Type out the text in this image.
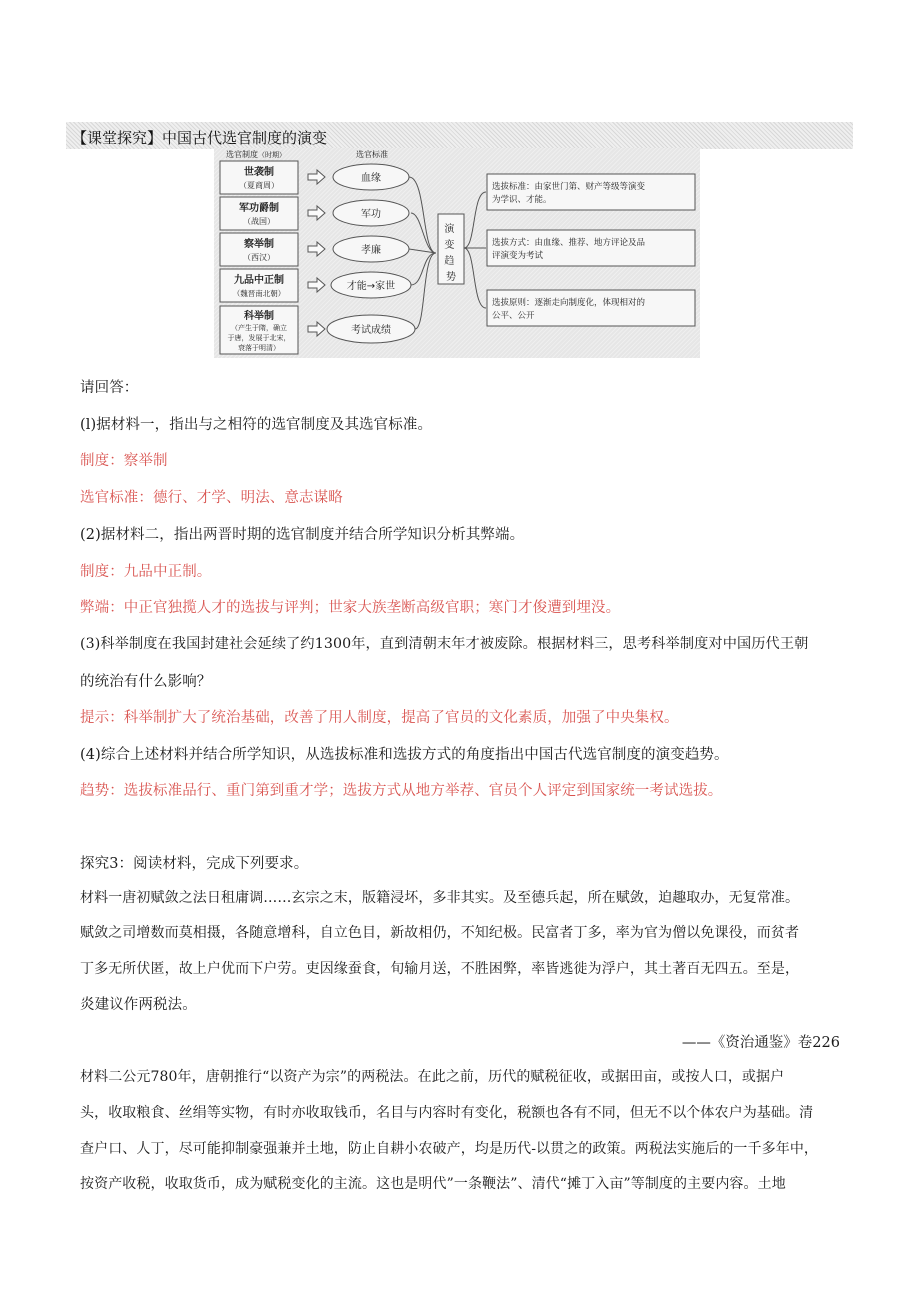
【课堂探究】中国古代选官制度的演变
选官制度（时期）	选官标准
世袭制
（夏商周）
军功爵制
（战国）
察举制
（西汉）
九品中正制
（魏晋南北朝）
科举制
（产生于隋，确立
于唐，发展于北宋，
衰落于明清）
血缘
军功
孝廉
才能→家世
考试成绩
演 变 趋 势
选拔标准：由家世门第、财产等级等演变
为学识、才能。
选拔方式：由血缘、推荐、地方评论及品
评演变为考试
选拔原则：逐渐走向制度化，体现相对的
公平、公开
请回答：
(l)据材料一，指出与之相符的选官制度及其选官标准。
制度：察举制
选官标准：德行、才学、明法、意志谋略
(2)据材料二，指出两晋时期的选官制度并结合所学知识分析其弊端。
制度：九品中正制。
弊端：中正官独揽人才的选拔与评判；世家大族垄断高级官职；寒门才俊遭到埋没。
(3)科举制度在我国封建社会延续了约1300年，直到清朝末年才被废除。根据材料三，思考科举制度对中国历代王朝
的统治有什么影响？
提示：科举制扩大了统治基础，改善了用人制度，提高了官员的文化素质，加强了中央集权。
(4)综合上述材料并结合所学知识，从选拔标准和选拔方式的角度指出中国古代选官制度的演变趋势。
趋势：选拔标准品行、重门第到重才学；选拔方式从地方举荐、官员个人评定到国家统一考试选拔。
探究3：阅读材料，完成下列要求。
材料一唐初赋敛之法日租庸调……玄宗之末，版籍浸坏，多非其实。及至德兵起，所在赋敛，迫趣取办，无复常准。
赋敛之司增数而莫相摄，各随意增科，自立色目，新故相仍，不知纪极。民富者丁多，率为官为僧以免课役，而贫者
丁多无所伏匿，故上户优而下户劳。吏因缘蚕食，旬输月送，不胜困弊，率皆逃徙为浮户，其土著百无四五。至是，
炎建议作两税法。
——《资治通鉴》卷226
材料二公元780年，唐朝推行“以资产为宗”的两税法。在此之前，历代的赋税征收，或据田亩，或按人口，或据户
头，收取粮食、丝绢等实物，有时亦收取钱币，名目与内容时有变化，税额也各有不同，但无不以个体农户为基础。清
查户口、人丁，尽可能抑制豪强兼并土地，防止自耕小农破产，均是历代-以贯之的政策。两税法实施后的一千多年中，
按资产收税，收取货币，成为赋税变化的主流。这也是明代”一条鞭法”、清代“摊丁入亩”等制度的主要内容。土地
